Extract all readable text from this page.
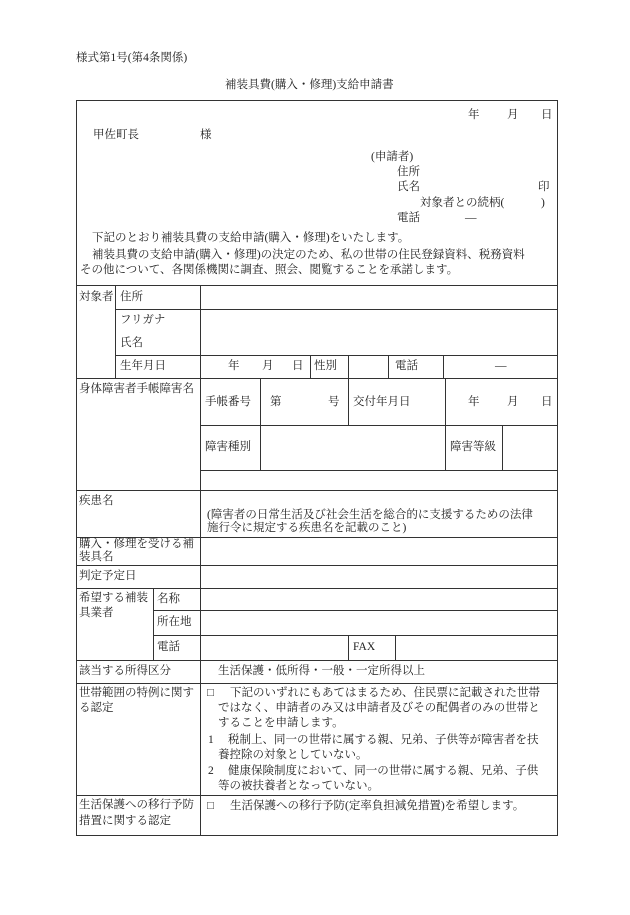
様式第1号(第4条関係)
補装具費(購入・修理)支給申請書
年 月 日
甲佐町長	様
(申請者)
住所
氏名	印
対象者との続柄(	)
電話	—
下記のとおり補装具費の支給申請(購入・修理)をいたします。
補装具費の支給申請(購入・修理)の決定のため、私の世帯の住民登録資料、税務資料
その他について、各関係機関に調査、照会、閲覧することを承諾します。
対象者 住所
フリガナ
氏名
生年月日	年 月 日 性別	電話	—
身体障害者手帳障害名
手帳番号 第	号 交付年月日	年 月 日
障害種別	障害等級
疾患名
(障害者の日常生活及び社会生活を総合的に支援するための法律
施行令に規定する疾患名を記載のこと)
購入・修理を受ける補
装具名
判定予定日
希望する補装
具業者
名称
所在地
電話	FAX
該当する所得区分	生活保護・低所得・一般・一定所得以上
世帯範囲の特例に関す
る認定
□ 下記のいずれにもあてはまるため、住民票に記載された世帯
ではなく、申請者のみ又は申請者及びその配偶者のみの世帯と
することを申請します。
1 税制上、同一の世帯に属する親、兄弟、子供等が障害者を扶
養控除の対象としていない。
2 健康保険制度において、同一の世帯に属する親、兄弟、子供
等の被扶養者となっていない。
生活保護への移行予防
措置に関する認定
□ 生活保護への移行予防(定率負担減免措置)を希望します。
